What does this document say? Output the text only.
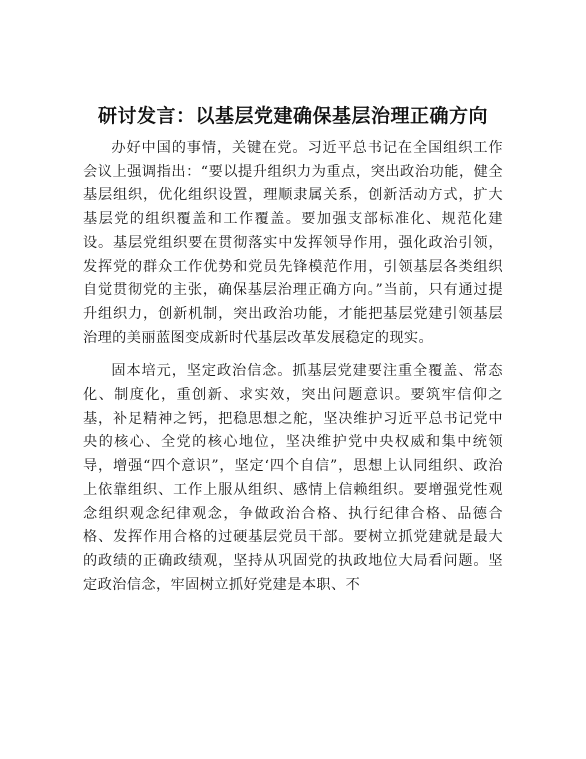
研讨发言：以基层党建确保基层治理正确方向

办好中国的事情，关键在党。习近平总书记在全国组织工作会议上强调指出：“要以提升组织力为重点，突出政治功能，健全基层组织，优化组织设置，理顺隶属关系，创新活动方式，扩大基层党的组织覆盖和工作覆盖。要加强支部标准化、规范化建设。基层党组织要在贯彻落实中发挥领导作用，强化政治引领，发挥党的群众工作优势和党员先锋模范作用，引领基层各类组织自觉贯彻党的主张，确保基层治理正确方向。”当前，只有通过提升组织力，创新机制，突出政治功能，才能把基层党建引领基层治理的美丽蓝图变成新时代基层改革发展稳定的现实。

固本培元，坚定政治信念。抓基层党建要注重全覆盖、常态化、制度化，重创新、求实效，突出问题意识。要筑牢信仰之基，补足精神之钙，把稳思想之舵，坚决维护习近平总书记党中央的核心、全党的核心地位，坚决维护党中央权威和集中统领导，增强“四个意识”，坚定‘四个自信”，思想上认同组织、政治上依靠组织、工作上服从组织、感情上信赖组织。要增强党性观念组织观念纪律观念，争做政治合格、执行纪律合格、品德合格、发挥作用合格的过硬基层党员干部。要树立抓党建就是最大的政绩的正确政绩观，坚持从巩固党的执政地位大局看问题。坚定政治信念，牢固树立抓好党建是本职、不
